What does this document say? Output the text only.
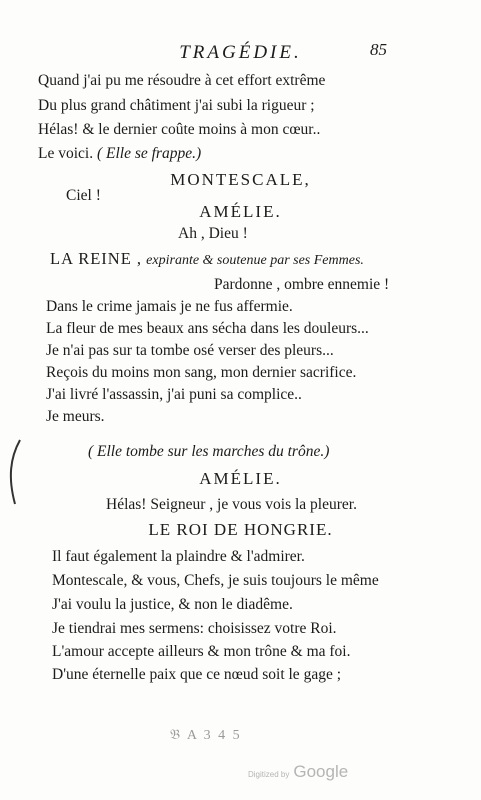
TRAGÉDIE.	85
Quand j'ai pu me résoudre à cet effort extrême
Du plus grand châtiment j'ai subi la rigueur ;
Hélas! & le dernier coûte moins à mon cœur..
Le voici. ( Elle se frappe.)
MONTESCALE,
Ciel !
AMÉLIE.
Ah , Dieu !
LA REINE , expirante & soutenue par ses Femmes.
Pardonne , ombre ennemie !
Dans le crime jamais je ne fus affermie.
La fleur de mes beaux ans sécha dans les douleurs...
Je n'ai pas sur ta tombe osé verser des pleurs...
Reçois du moins mon sang, mon dernier sacrifice.
J'ai livré l'assassin, j'ai puni sa complice..
Je meurs.
( Elle tombe sur les marches du trône.)
AMÉLIE.
Hélas! Seigneur , je vous vois la pleurer.
LE ROI DE HONGRIE.
Il faut également la plaindre & l'admirer.
Montescale, & vous, Chefs, je suis toujours le même
J'ai voulu la justice, & non le diadême.
Je tiendrai mes sermens: choisissez votre Roi.
L'amour accepte ailleurs & mon trône & ma foi.
D'une éternelle paix que ce nœud soit le gage ;
𝔅 A 3 4 5
Digitized by Google
